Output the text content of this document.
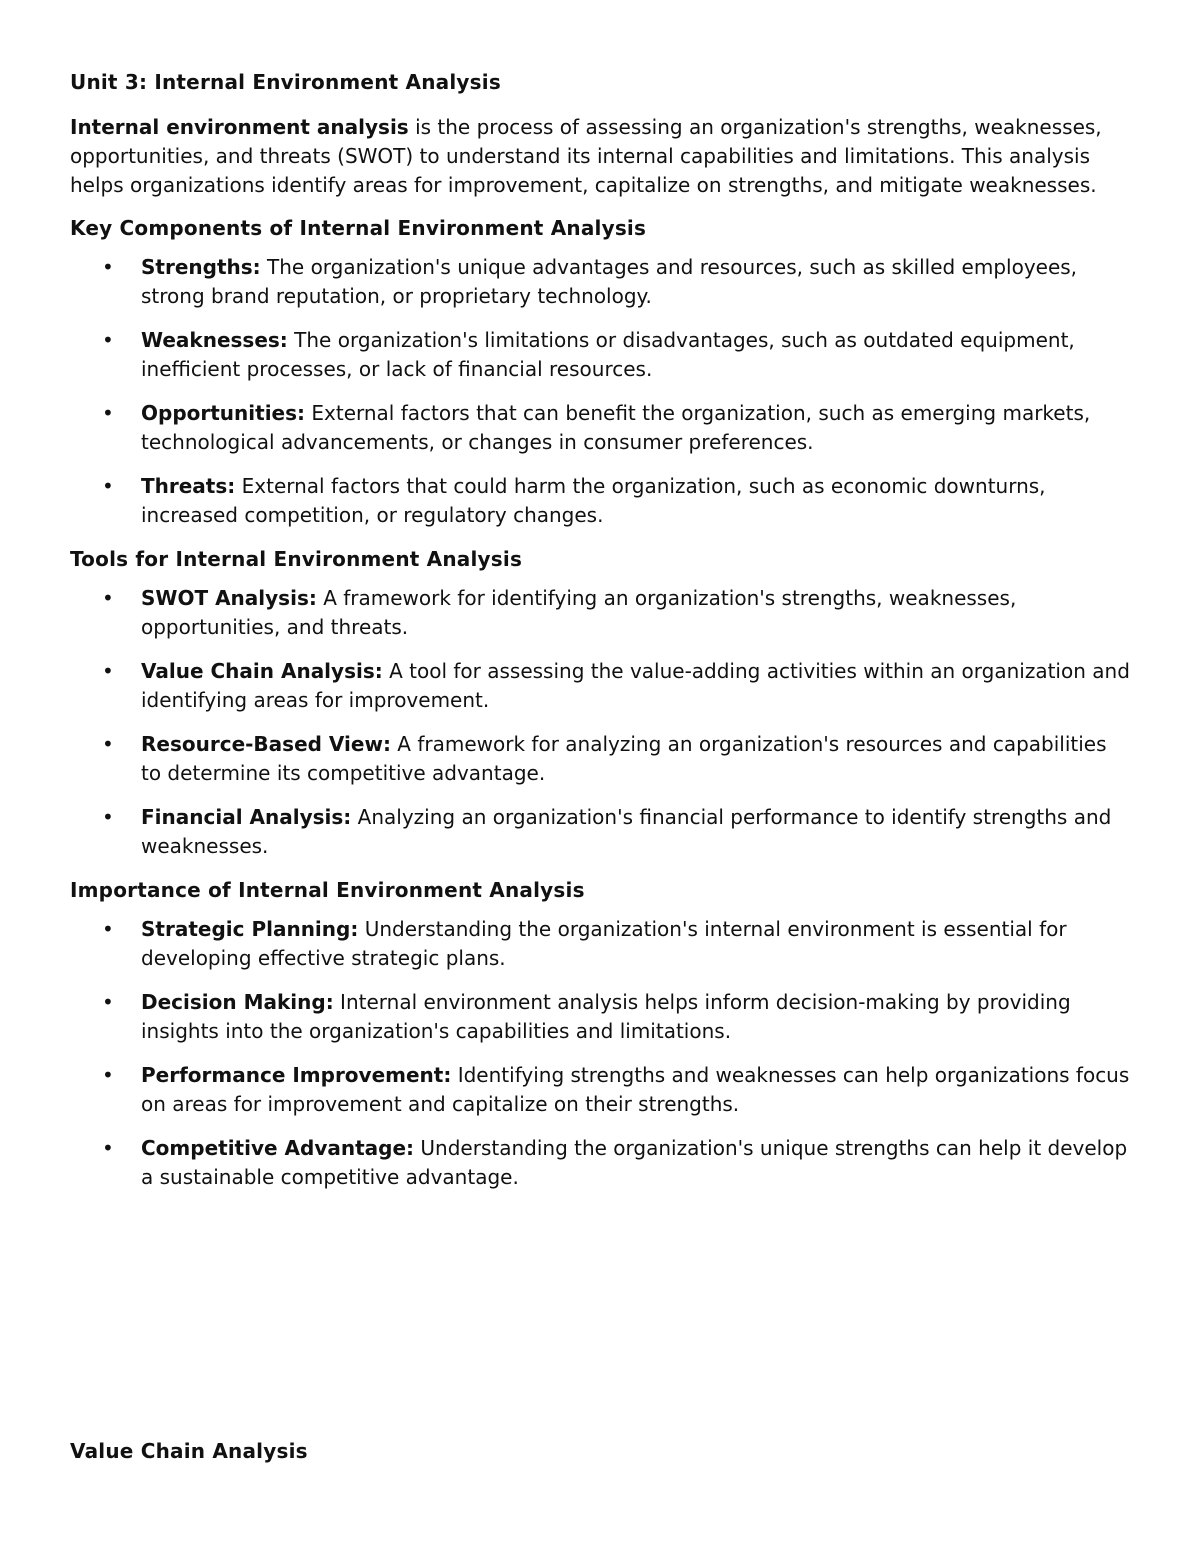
Unit 3: Internal Environment Analysis

Internal environment analysis is the process of assessing an organization's strengths, weaknesses, opportunities, and threats (SWOT) to understand its internal capabilities and limitations. This analysis helps organizations identify areas for improvement, capitalize on strengths, and mitigate weaknesses.

Key Components of Internal Environment Analysis

• Strengths: The organization's unique advantages and resources, such as skilled employees, strong brand reputation, or proprietary technology.
• Weaknesses: The organization's limitations or disadvantages, such as outdated equipment, inefficient processes, or lack of financial resources.
• Opportunities: External factors that can benefit the organization, such as emerging markets, technological advancements, or changes in consumer preferences.
• Threats: External factors that could harm the organization, such as economic downturns, increased competition, or regulatory changes.

Tools for Internal Environment Analysis

• SWOT Analysis: A framework for identifying an organization's strengths, weaknesses, opportunities, and threats.
• Value Chain Analysis: A tool for assessing the value-adding activities within an organization and identifying areas for improvement.
• Resource-Based View: A framework for analyzing an organization's resources and capabilities to determine its competitive advantage.
• Financial Analysis: Analyzing an organization's financial performance to identify strengths and weaknesses.

Importance of Internal Environment Analysis

• Strategic Planning: Understanding the organization's internal environment is essential for developing effective strategic plans.
• Decision Making: Internal environment analysis helps inform decision-making by providing insights into the organization's capabilities and limitations.
• Performance Improvement: Identifying strengths and weaknesses can help organizations focus on areas for improvement and capitalize on their strengths.
• Competitive Advantage: Understanding the organization's unique strengths can help it develop a sustainable competitive advantage.
Value Chain Analysis
